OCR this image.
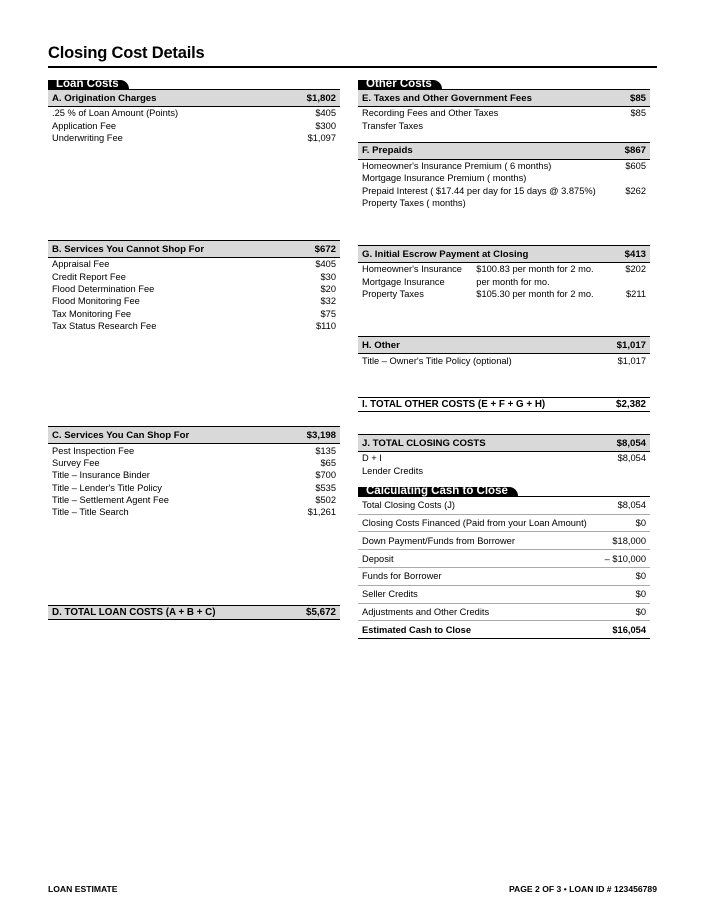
Closing Cost Details
Loan Costs
A. Origination Charges	$1,802
.25 % of Loan Amount (Points)	$405
Application Fee	$300
Underwriting Fee	$1,097
B. Services You Cannot Shop For	$672
Appraisal Fee	$405
Credit Report Fee	$30
Flood Determination Fee	$20
Flood Monitoring Fee	$32
Tax Monitoring Fee	$75
Tax Status Research Fee	$110
C. Services You Can Shop For	$3,198
Pest Inspection Fee	$135
Survey Fee	$65
Title – Insurance Binder	$700
Title – Lender's Title Policy	$535
Title – Settlement Agent Fee	$502
Title – Title Search	$1,261
D. TOTAL LOAN COSTS (A + B + C)	$5,672
Other Costs
E. Taxes and Other Government Fees	$85
Recording Fees and Other Taxes	$85
Transfer Taxes	
F. Prepaids	$867
Homeowner's Insurance Premium ( 6 months)	$605
Mortgage Insurance Premium ( months)	
Prepaid Interest ( $17.44 per day for 15 days @ 3.875%)	$262
Property Taxes ( months)	
G. Initial Escrow Payment at Closing		$413
Homeowner's Insurance	$100.83 per month for 2 mo.	$202
Mortgage Insurance	per month for mo.	
Property Taxes	$105.30 per month for 2 mo.	$211
H. Other	$1,017
Title – Owner's Title Policy (optional)	$1,017
I. TOTAL OTHER COSTS (E + F + G + H)	$2,382
J. TOTAL CLOSING COSTS	$8,054
D + I	$8,054
Lender Credits	
Calculating Cash to Close
Total Closing Costs (J)	$8,054
Closing Costs Financed (Paid from your Loan Amount)	$0
Down Payment/Funds from Borrower	$18,000
Deposit	– $10,000
Funds for Borrower	$0
Seller Credits	$0
Adjustments and Other Credits	$0
Estimated Cash to Close	$16,054
LOAN ESTIMATE	PAGE 2 OF 3 • LOAN ID # 123456789
